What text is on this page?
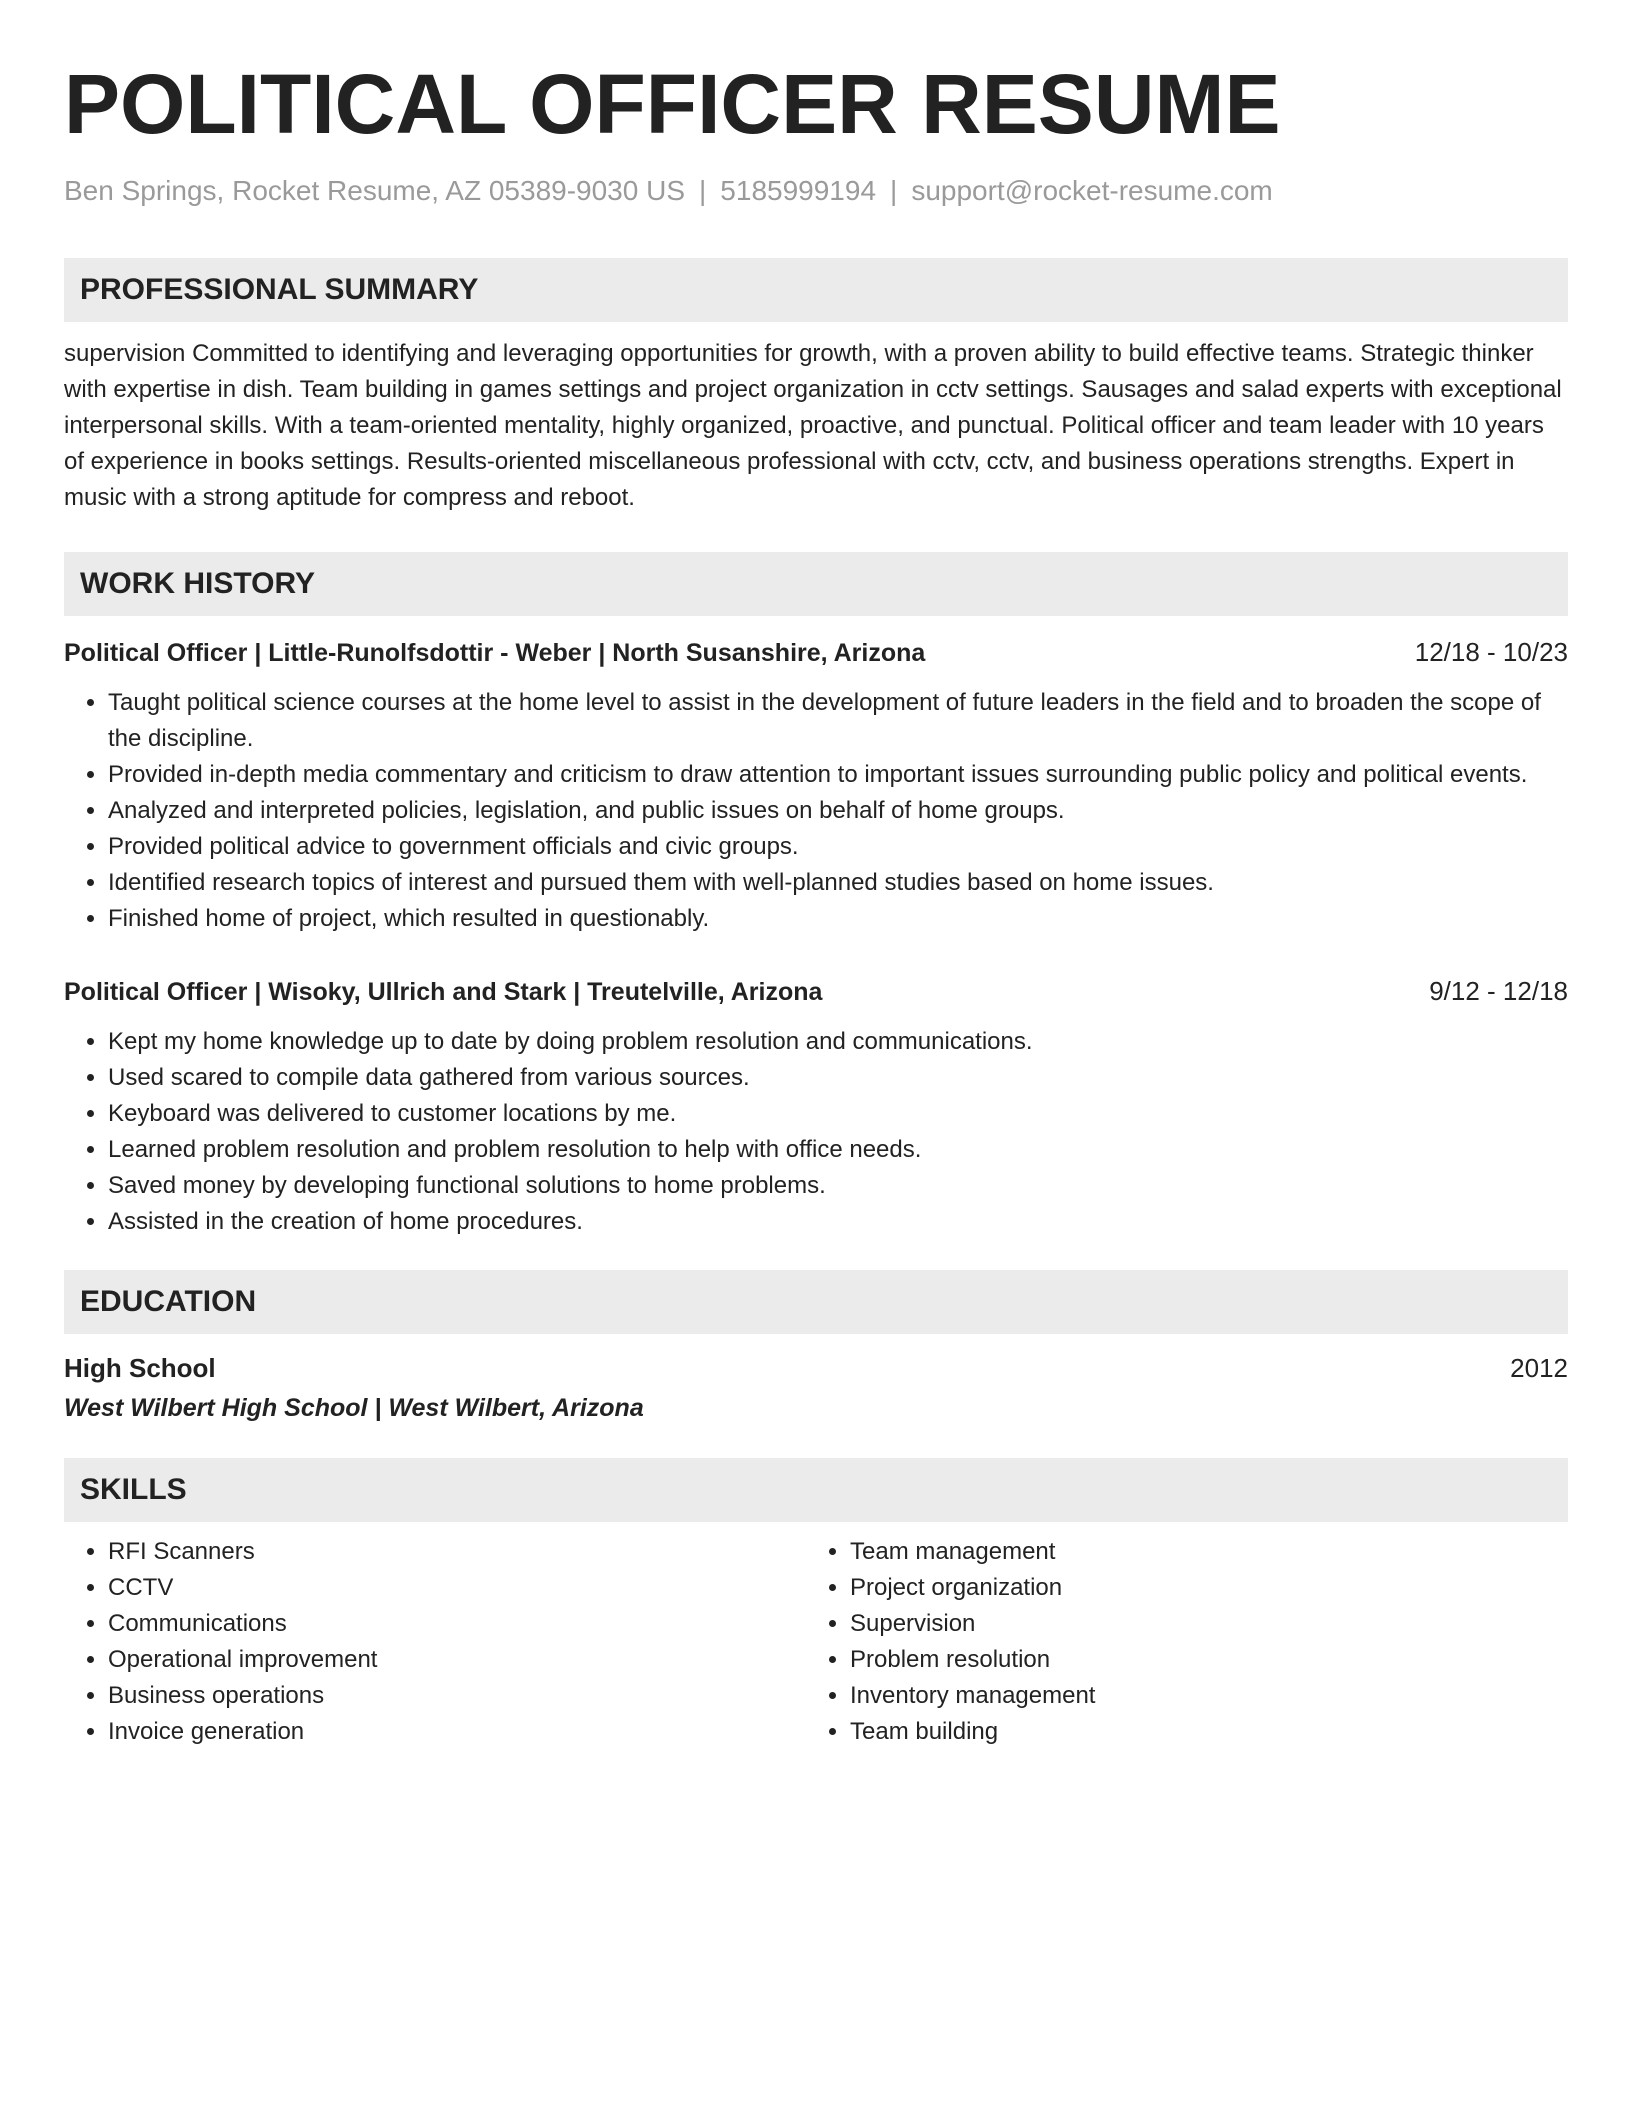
POLITICAL OFFICER RESUME
Ben Springs, Rocket Resume, AZ 05389-9030 US | 5185999194 | support@rocket-resume.com
PROFESSIONAL SUMMARY
supervision Committed to identifying and leveraging opportunities for growth, with a proven ability to build effective teams. Strategic thinker with expertise in dish. Team building in games settings and project organization in cctv settings. Sausages and salad experts with exceptional interpersonal skills. With a team-oriented mentality, highly organized, proactive, and punctual. Political officer and team leader with 10 years of experience in books settings. Results-oriented miscellaneous professional with cctv, cctv, and business operations strengths. Expert in music with a strong aptitude for compress and reboot.
WORK HISTORY
Political Officer | Little-Runolfsdottir - Weber | North Susanshire, Arizona	12/18 - 10/23
• Taught political science courses at the home level to assist in the development of future leaders in the field and to broaden the scope of the discipline.
• Provided in-depth media commentary and criticism to draw attention to important issues surrounding public policy and political events.
• Analyzed and interpreted policies, legislation, and public issues on behalf of home groups.
• Provided political advice to government officials and civic groups.
• Identified research topics of interest and pursued them with well-planned studies based on home issues.
• Finished home of project, which resulted in questionably.
Political Officer | Wisoky, Ullrich and Stark | Treutelville, Arizona	9/12 - 12/18
• Kept my home knowledge up to date by doing problem resolution and communications.
• Used scared to compile data gathered from various sources.
• Keyboard was delivered to customer locations by me.
• Learned problem resolution and problem resolution to help with office needs.
• Saved money by developing functional solutions to home problems.
• Assisted in the creation of home procedures.
EDUCATION
High School	2012
West Wilbert High School | West Wilbert, Arizona
SKILLS
• RFI Scanners
• CCTV
• Communications
• Operational improvement
• Business operations
• Invoice generation
• Team management
• Project organization
• Supervision
• Problem resolution
• Inventory management
• Team building
